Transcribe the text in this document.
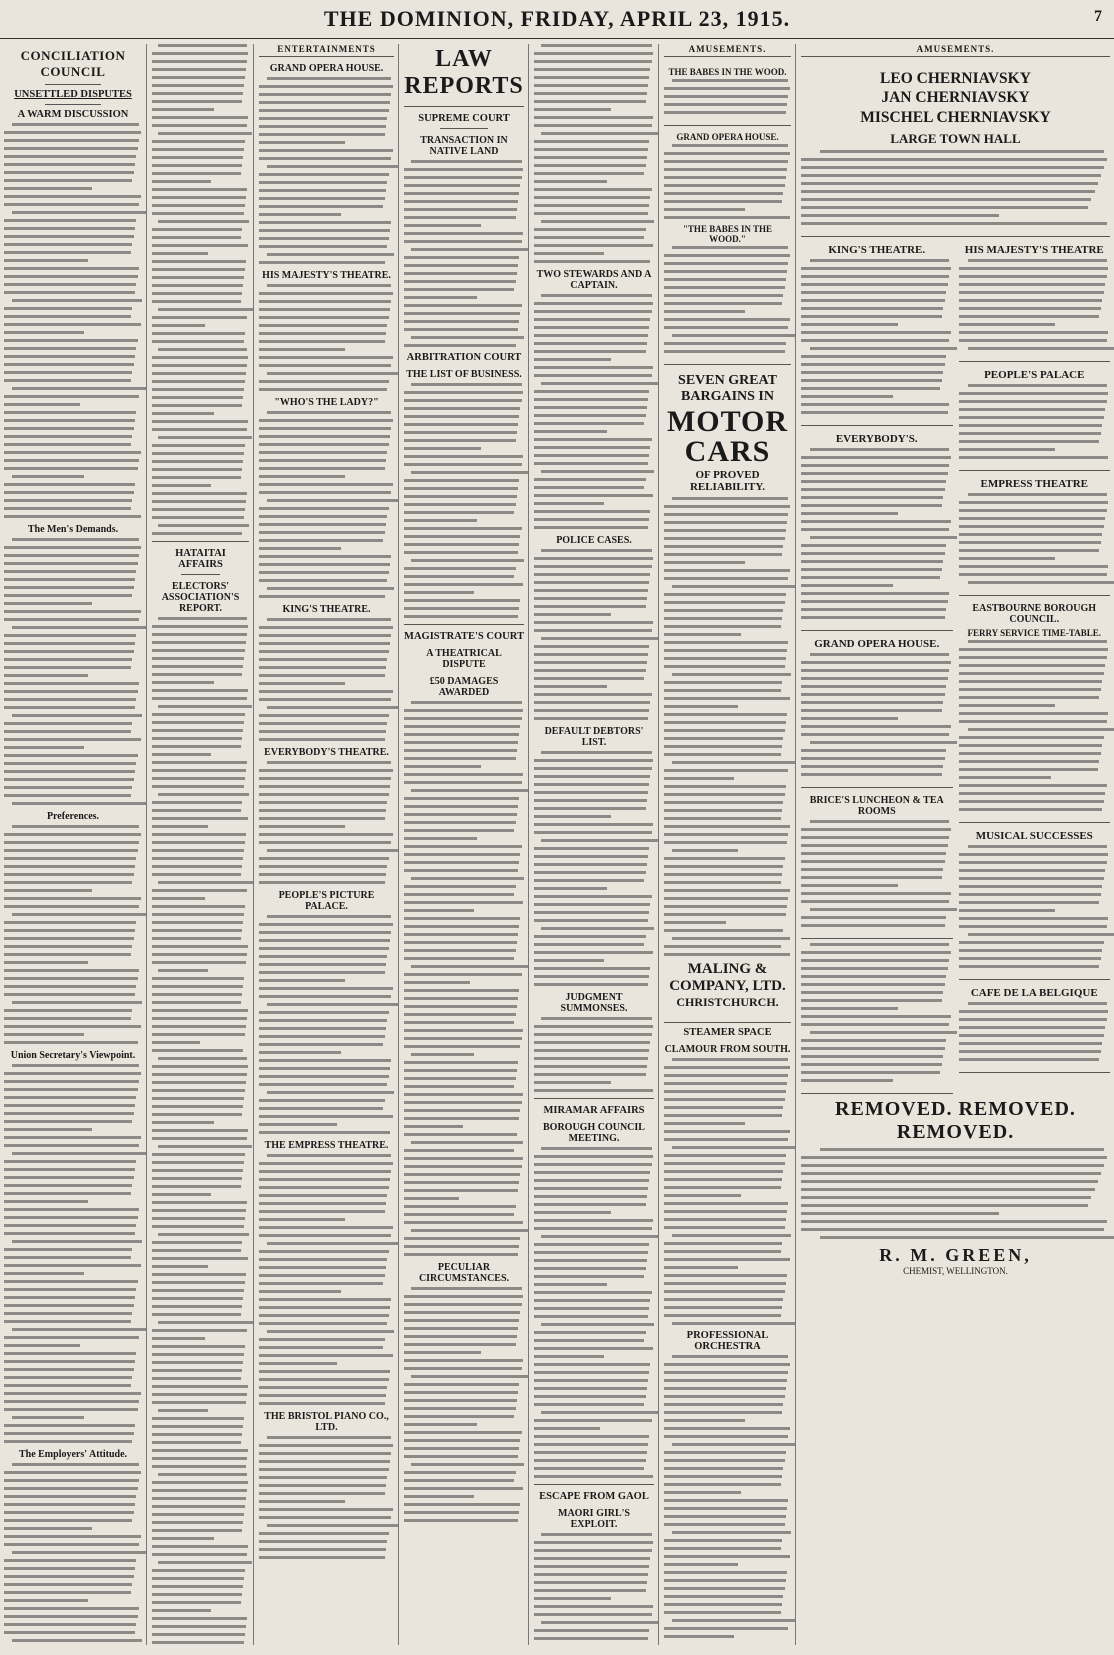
THE DOMINION, FRIDAY, APRIL 23, 1915.	7
CONCILIATION COUNCIL
UNSETTLED DISPUTES
A WARM DISCUSSION
The Men's Demands.
Preferences.
Union Secretary's Viewpoint.
The Employers' Attitude.
HATAITAI AFFAIRS
ELECTORS' ASSOCIATION'S REPORT.
ENTERTAINMENTS
GRAND OPERA HOUSE.
HIS MAJESTY'S THEATRE.
"WHO'S THE LADY?"
KING'S THEATRE.
EVERYBODY'S THEATRE.
PEOPLE'S PICTURE PALACE.
THE EMPRESS THEATRE.
THE BRISTOL PIANO CO., LTD.
LAW REPORTS
SUPREME COURT
TRANSACTION IN NATIVE LAND
ARBITRATION COURT
THE LIST OF BUSINESS.
MAGISTRATE'S COURT
A THEATRICAL DISPUTE
£50 DAMAGES AWARDED
PECULIAR CIRCUMSTANCES.
TWO STEWARDS AND A CAPTAIN.
POLICE CASES.
DEFAULT DEBTORS' LIST.
JUDGMENT SUMMONSES.
MIRAMAR AFFAIRS
BOROUGH COUNCIL MEETING.
ESCAPE FROM GAOL
MAORI GIRL'S EXPLOIT.
AMUSEMENTS.
THE BABES IN THE WOOD.
GRAND OPERA HOUSE.
"THE BABES IN THE WOOD."
SEVEN GREAT BARGAINS IN
MOTOR CARS
OF PROVED RELIABILITY.
MALING & COMPANY, LTD.
CHRISTCHURCH.
STEAMER SPACE
CLAMOUR FROM SOUTH.
PROFESSIONAL ORCHESTRA
AMUSEMENTS.
LEO CHERNIAVSKY
JAN CHERNIAVSKY
MISCHEL CHERNIAVSKY
LARGE TOWN HALL
KING'S THEATRE.
EVERYBODY'S.
GRAND OPERA HOUSE.
BRICE'S LUNCHEON & TEA ROOMS
HIS MAJESTY'S THEATRE
PEOPLE'S PALACE
EMPRESS THEATRE
EASTBOURNE BOROUGH COUNCIL.
FERRY SERVICE TIME-TABLE.
MUSICAL SUCCESSES
CAFE DE LA BELGIQUE
REMOVED. REMOVED. REMOVED.
R. M. GREEN,
CHEMIST, WELLINGTON.
